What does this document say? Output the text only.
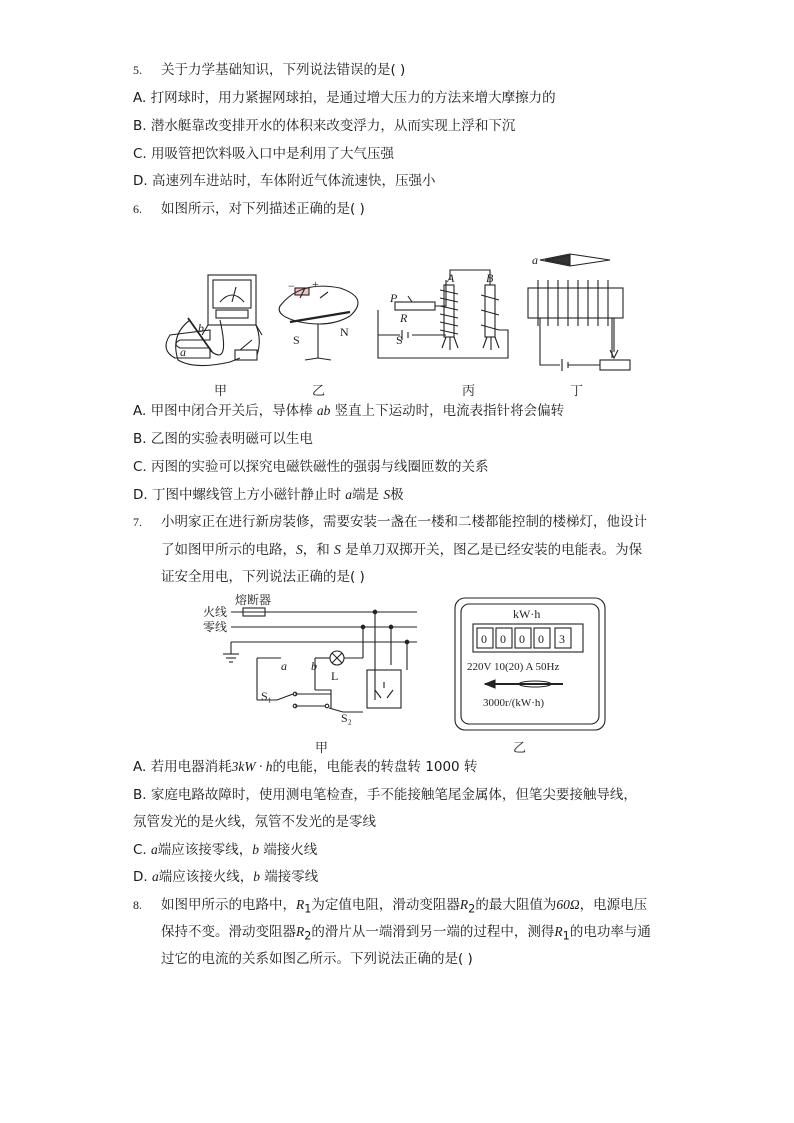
5. 关于力学基础知识，下列说法错误的是( )
A. 打网球时，用力紧握网球拍，是通过增大压力的方法来增大摩擦力的
B. 潜水艇靠改变排开水的体积来改变浮力，从而实现上浮和下沉
C. 用吸管把饮料吸入口中是利用了大气压强
D. 高速列车进站时，车体附近气体流速快，压强小
6. 如图所示，对下列描述正确的是( )
b
a
− +
S
N
A	B
P
R
S
a
甲	乙	丙	丁
A. 甲图中闭合开关后，导体棒 ab 竖直上下运动时，电流表指针将会偏转
B. 乙图的实验表明磁可以生电
C. 丙图的实验可以探究电磁铁磁性的强弱与线圈匝数的关系
D. 丁图中螺线管上方小磁针静止时 a端是 S极
7. 小明家正在进行新房装修，需要安装一盏在一楼和二楼都能控制的楼梯灯，他设计
了如图甲所示的电路，S，和 S 是单刀双掷开关，图乙是已经安装的电能表。为保
证安全用电，下列说法正确的是( )
火线
零线
熔断器
a b
L
S₁
S₂
甲	乙
kW·h
0 0 0 0 3
220V 10(20) A 50Hz
3000r/(kW·h)
A. 若用电器消耗3kW · h的电能，电能表的转盘转 1000 转
B. 家庭电路故障时，使用测电笔检查，手不能接触笔尾金属体，但笔尖要接触导线，
氖管发光的是火线，氖管不发光的是零线
C. a端应该接零线，b 端接火线
D. a端应该接火线，b 端接零线
8. 如图甲所示的电路中，$R_1$为定值电阻，滑动变阻器$R_2$的最大阻值为60Ω，电源电压
保持不变。滑动变阻器$R_2$的滑片从一端滑到另一端的过程中，测得$R_1$的电功率与通
过它的电流的关系如图乙所示。下列说法正确的是( )
